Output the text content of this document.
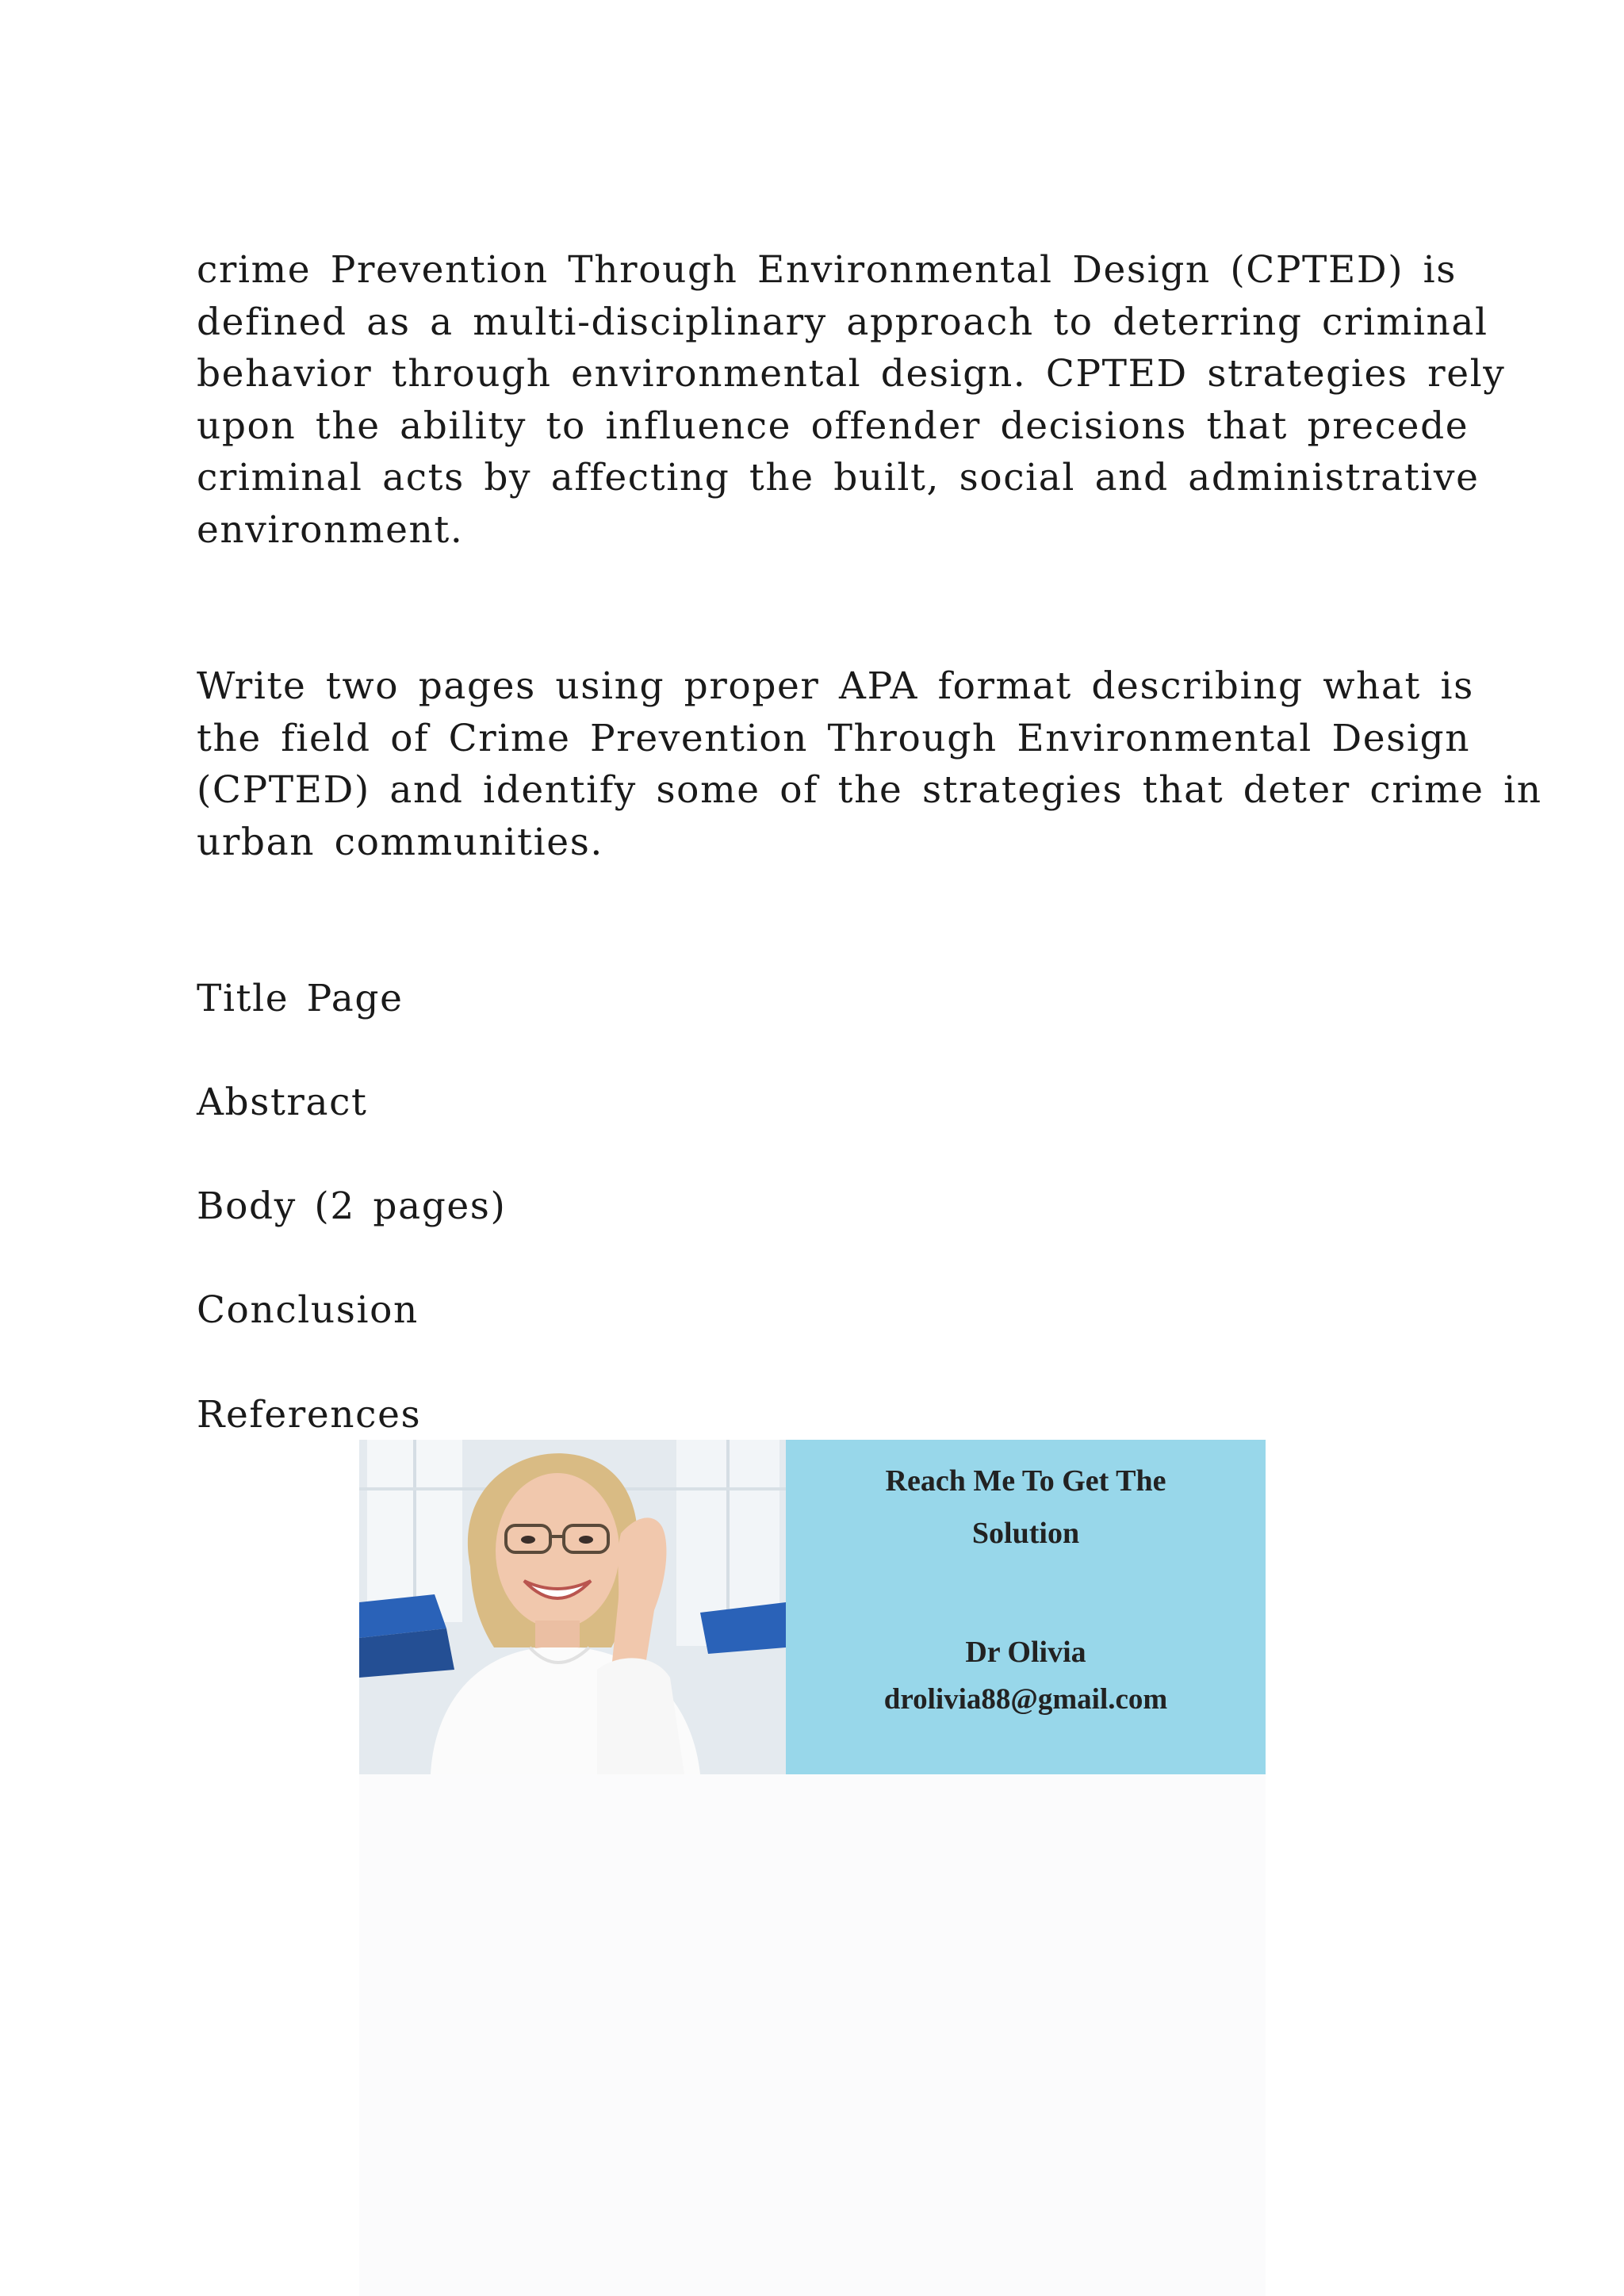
crime Prevention Through Environmental Design (CPTED) is
defined as a multi-disciplinary approach to deterring criminal
behavior through environmental design. CPTED strategies rely
upon the ability to influence offender decisions that precede
criminal acts by affecting the built, social and administrative
environment.

Write two pages using proper APA format describing what is
the field of Crime Prevention Through Environmental Design
(CPTED) and identify some of the strategies that deter crime in
urban communities.

Title Page

Abstract

Body (2 pages)

Conclusion

References

Reach Me To Get The
Solution
Dr Olivia
drolivia88@gmail.com
